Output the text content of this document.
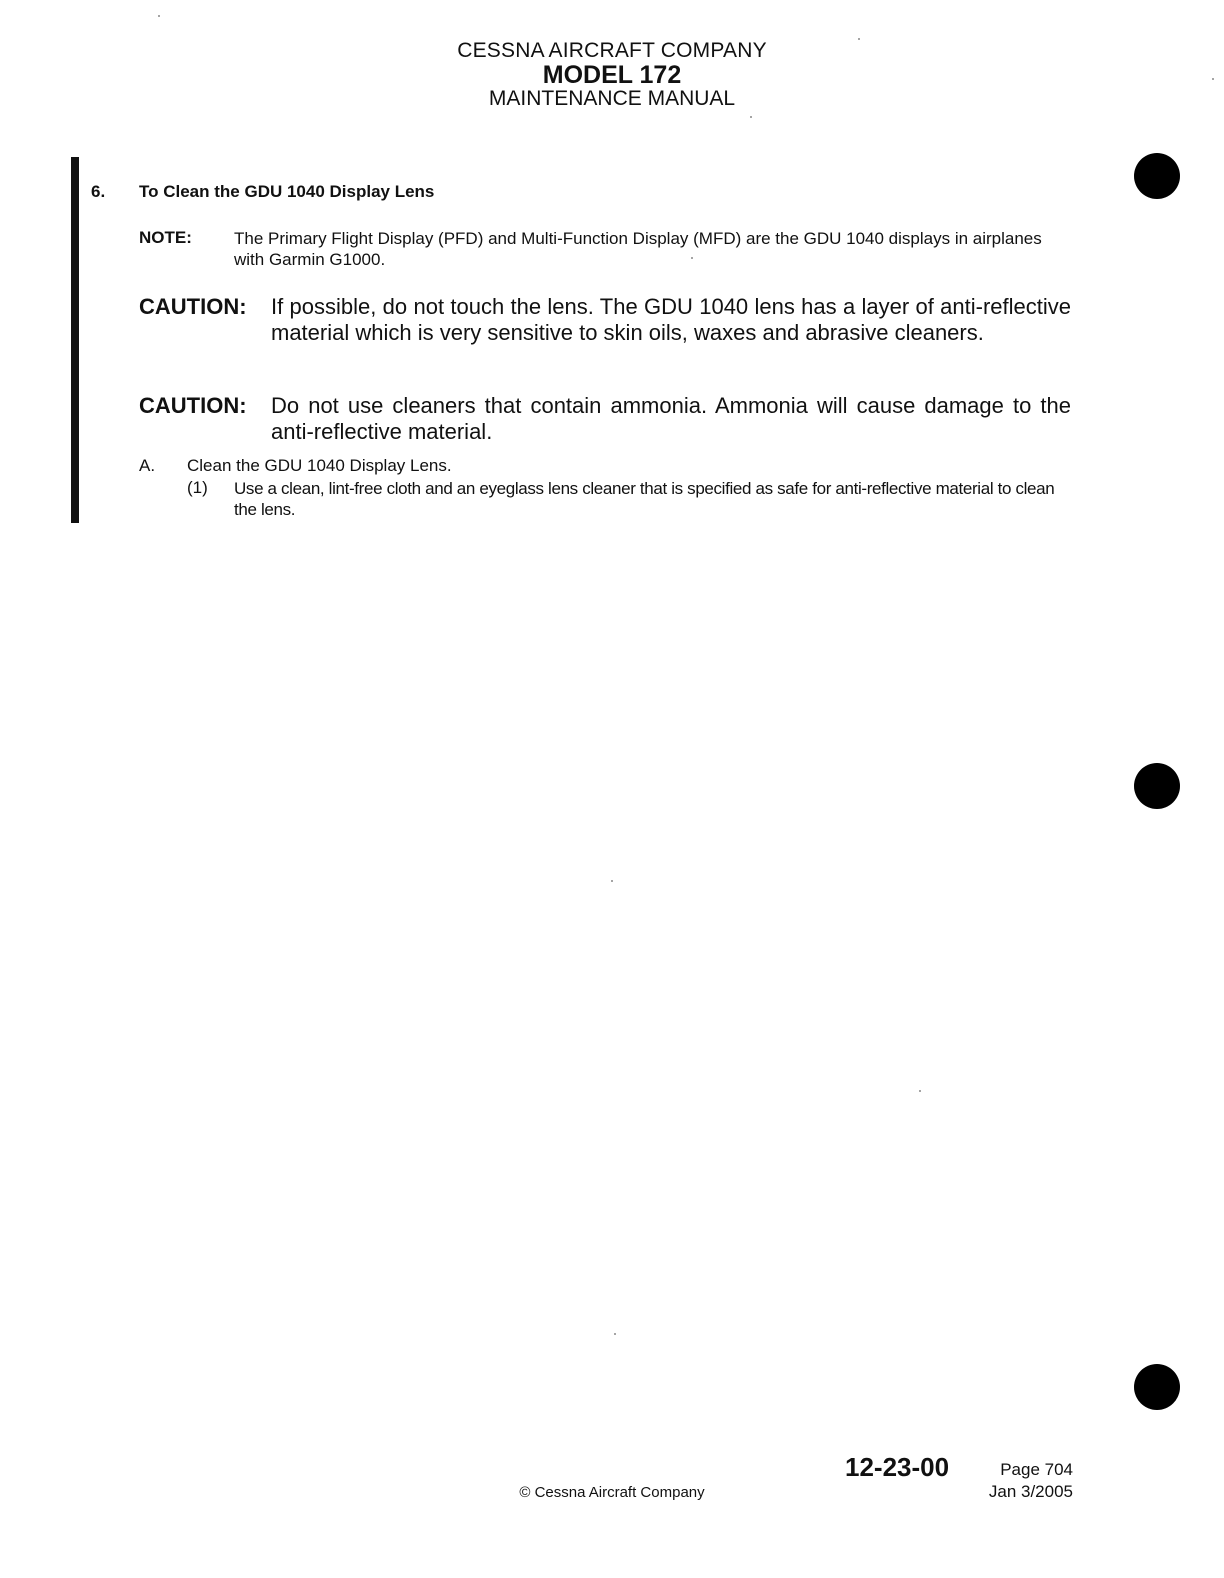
CESSNA AIRCRAFT COMPANY
MODEL 172
MAINTENANCE MANUAL
6. To Clean the GDU 1040 Display Lens
NOTE: The Primary Flight Display (PFD) and Multi-Function Display (MFD) are the GDU 1040 displays in airplanes with Garmin G1000.
CAUTION: If possible, do not touch the lens. The GDU 1040 lens has a layer of anti-reflective material which is very sensitive to skin oils, waxes and abrasive cleaners.
CAUTION: Do not use cleaners that contain ammonia. Ammonia will cause damage to the anti-reflective material.
A. Clean the GDU 1040 Display Lens.
(1) Use a clean, lint-free cloth and an eyeglass lens cleaner that is specified as safe for anti-reflective material to clean the lens.
12-23-00	Page 704
Jan 3/2005
© Cessna Aircraft Company
